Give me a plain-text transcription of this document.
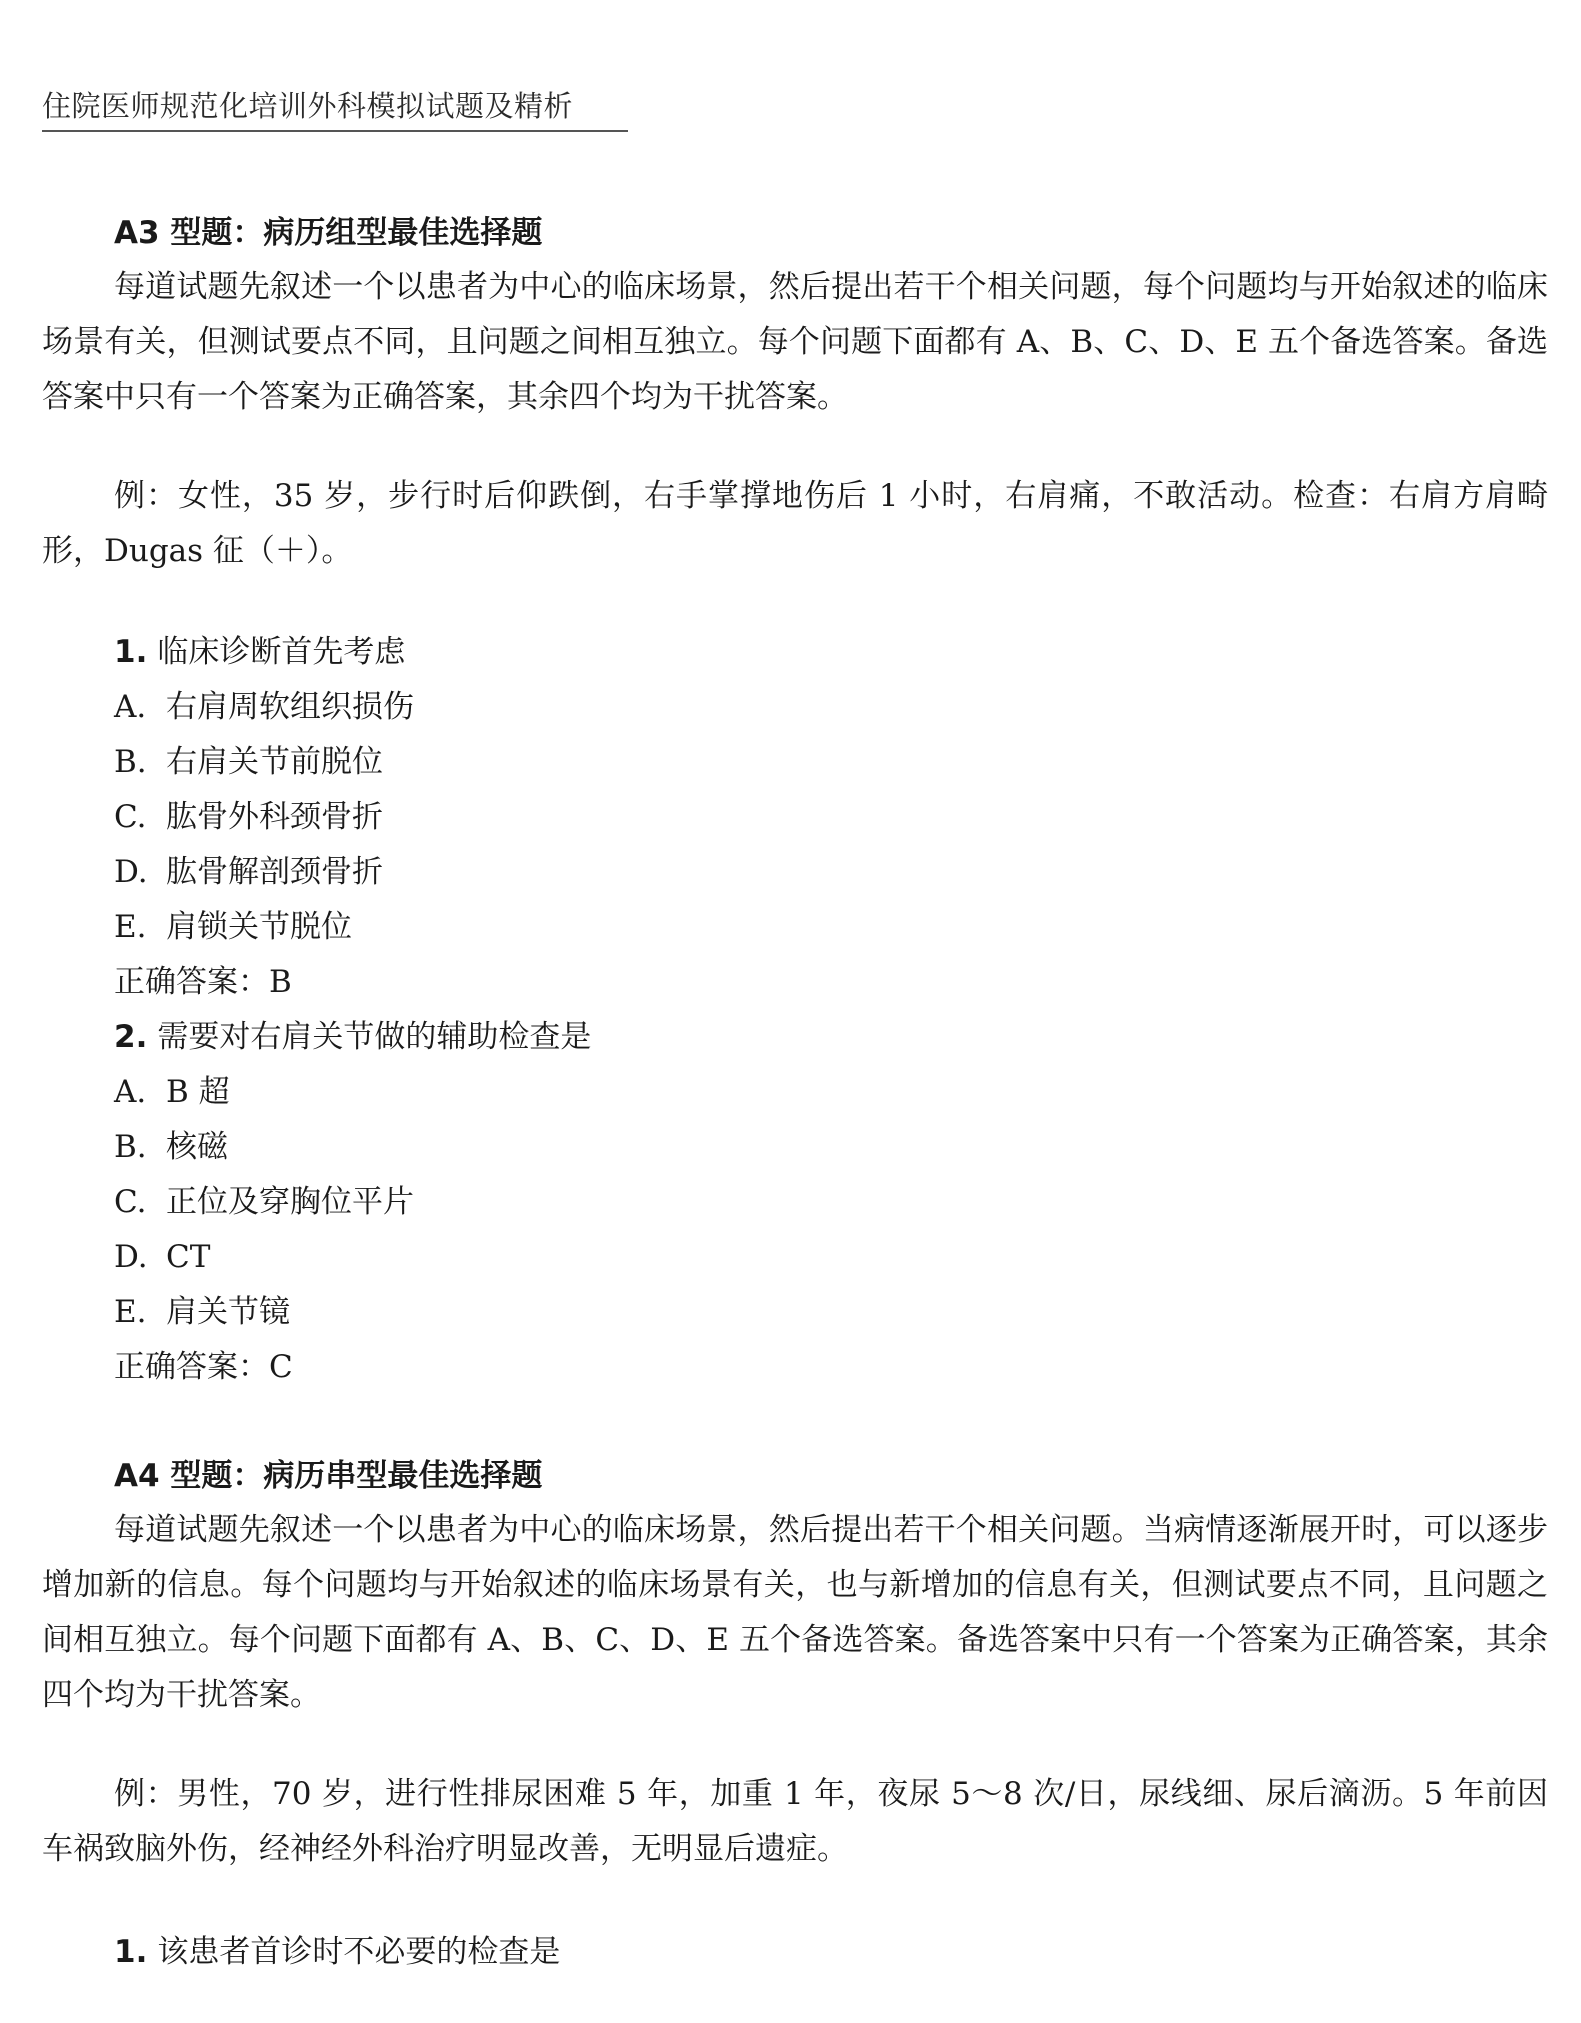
住院医师规范化培训外科模拟试题及精析
A3 型题：病历组型最佳选择题

每道试题先叙述一个以患者为中心的临床场景，然后提出若干个相关问题，每个问题均与开始叙述的临床场景有关，但测试要点不同，且问题之间相互独立。每个问题下面都有 A、B、C、D、E 五个备选答案。备选答案中只有一个答案为正确答案，其余四个均为干扰答案。

例：女性，35 岁，步行时后仰跌倒，右手掌撑地伤后 1 小时，右肩痛，不敢活动。检查：右肩方肩畸形，Dugas 征（＋）。

1. 临床诊断首先考虑
A. 右肩周软组织损伤
B. 右肩关节前脱位
C. 肱骨外科颈骨折
D. 肱骨解剖颈骨折
E. 肩锁关节脱位
正确答案：B
2. 需要对右肩关节做的辅助检查是
A. B 超
B. 核磁
C. 正位及穿胸位平片
D. CT
E. 肩关节镜
正确答案：C
A4 型题：病历串型最佳选择题

每道试题先叙述一个以患者为中心的临床场景，然后提出若干个相关问题。当病情逐渐展开时，可以逐步增加新的信息。每个问题均与开始叙述的临床场景有关，也与新增加的信息有关，但测试要点不同，且问题之间相互独立。每个问题下面都有 A、B、C、D、E 五个备选答案。备选答案中只有一个答案为正确答案，其余四个均为干扰答案。

例：男性，70 岁，进行性排尿困难 5 年，加重 1 年，夜尿 5～8 次/日，尿线细、尿后滴沥。5 年前因车祸致脑外伤，经神经外科治疗明显改善，无明显后遗症。

1. 该患者首诊时不必要的检查是
